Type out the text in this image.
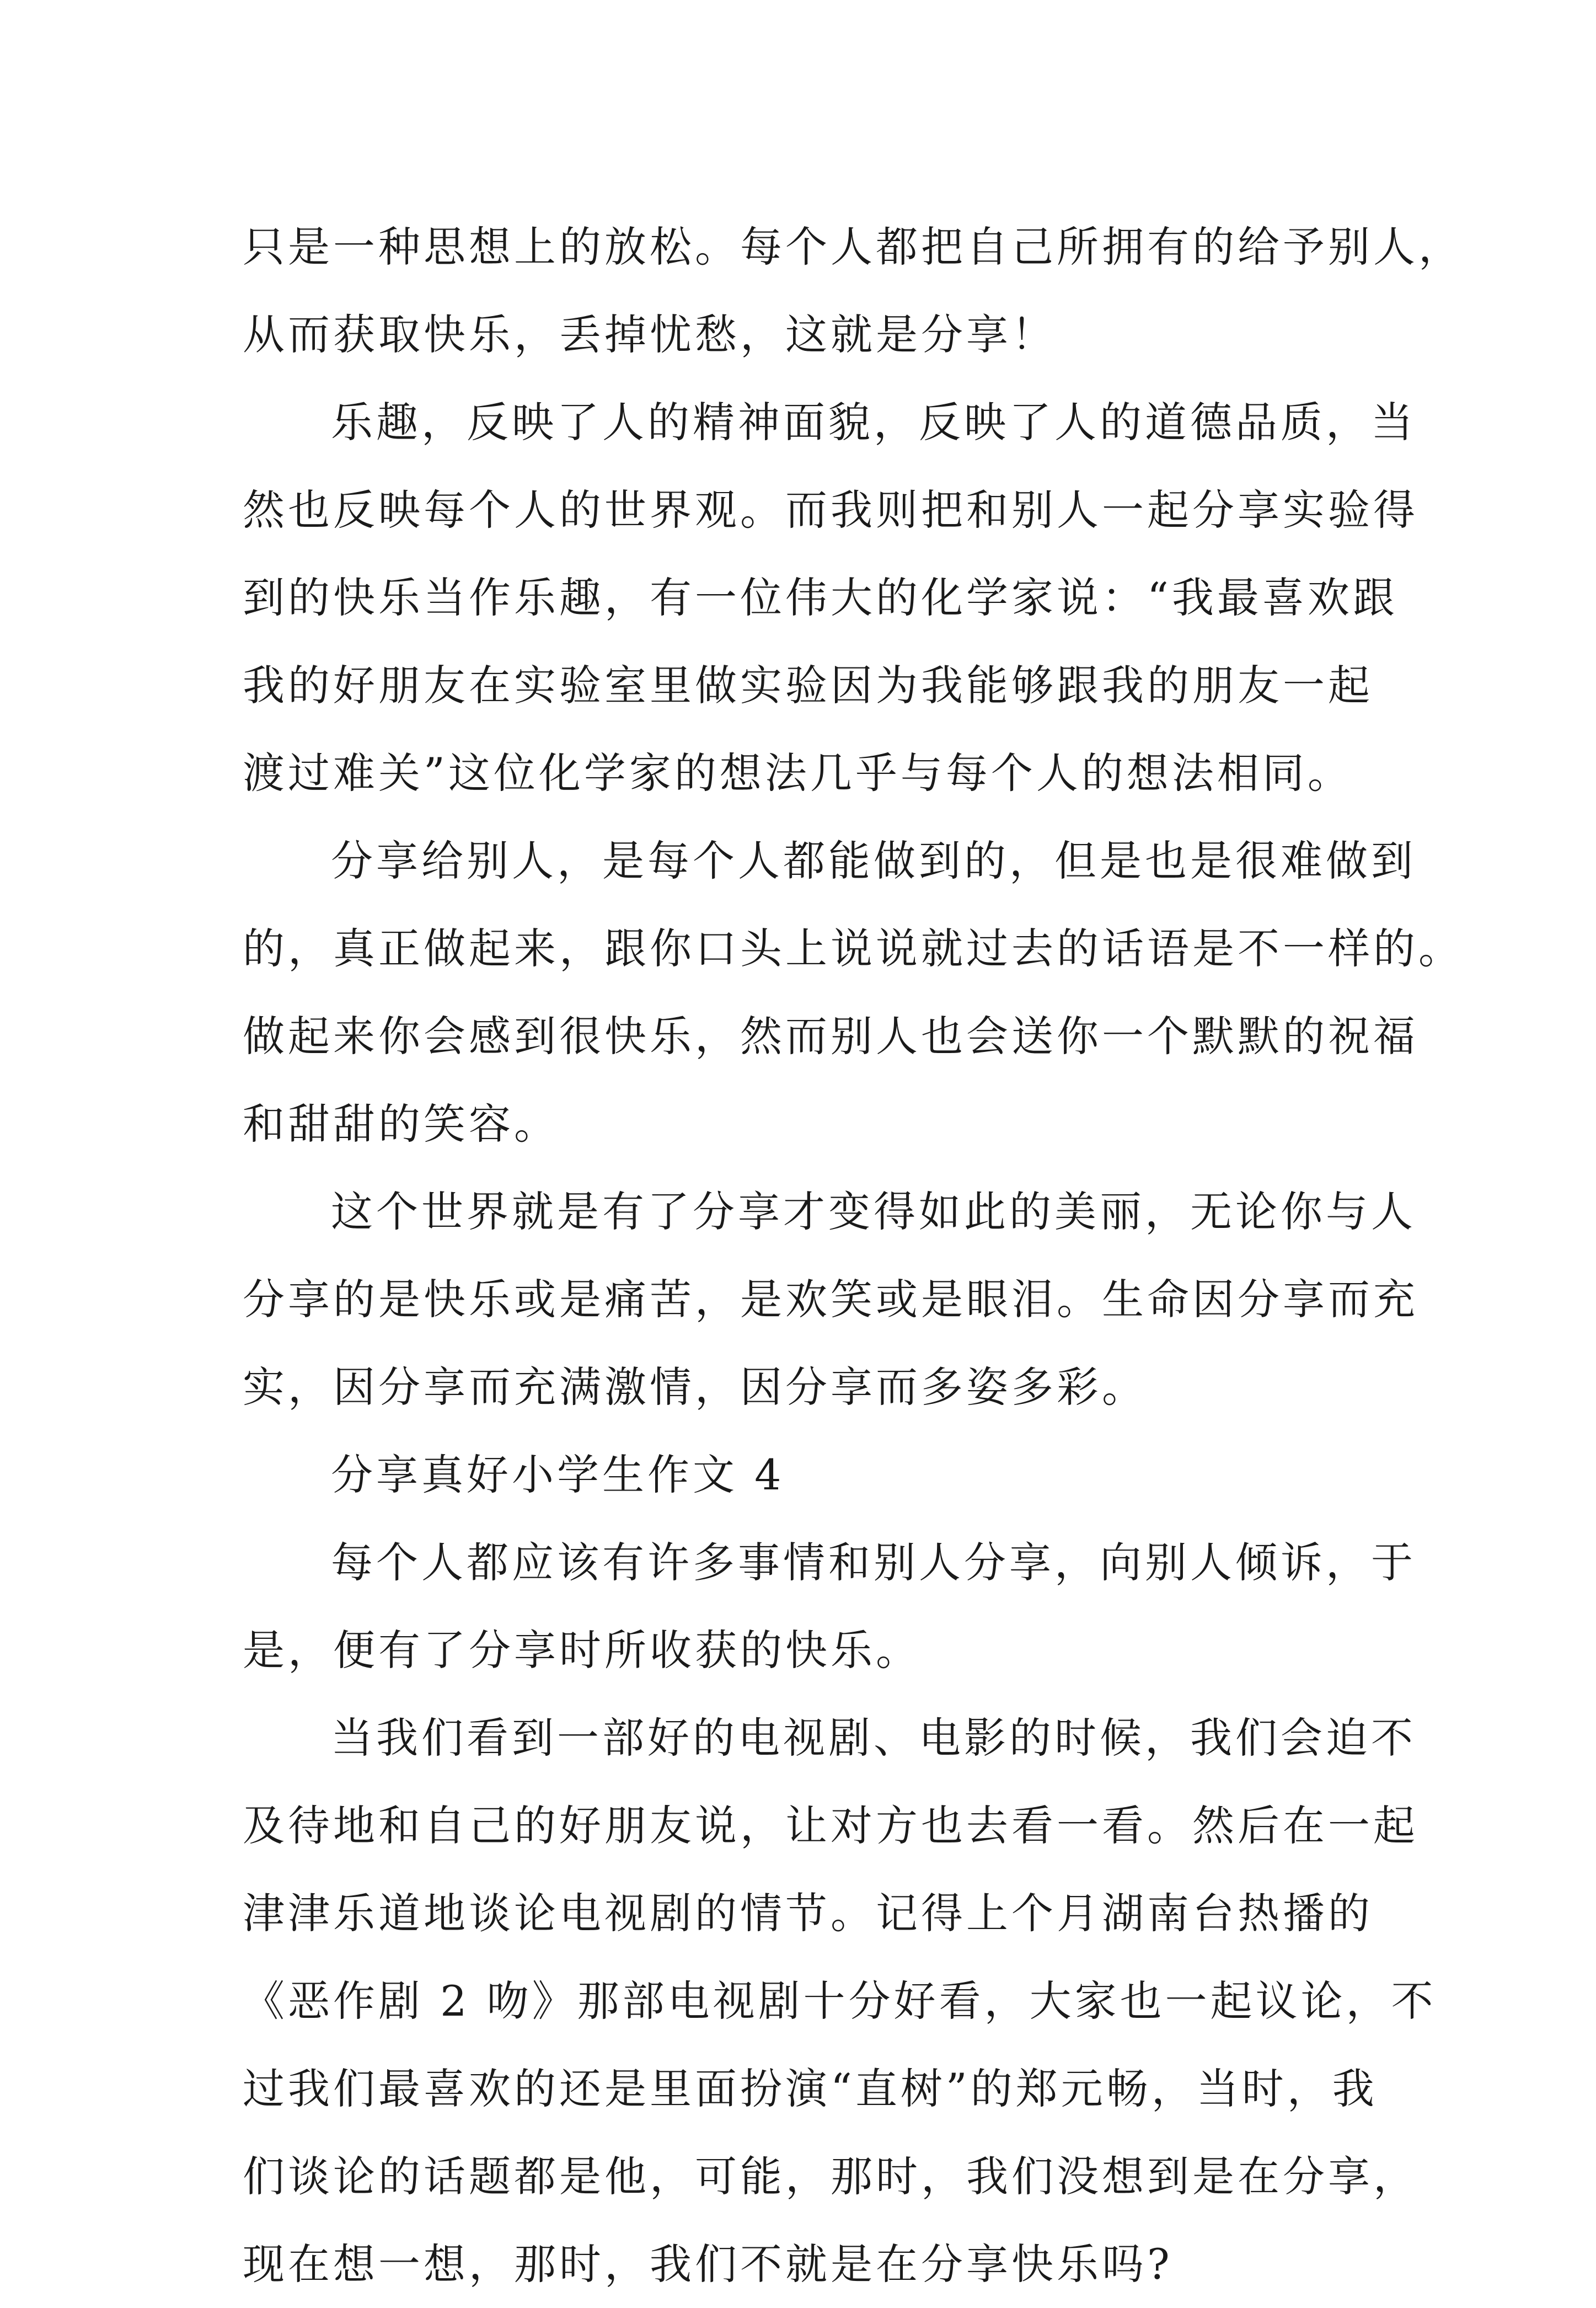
只是一种思想上的放松。每个人都把自己所拥有的给予别人，
从而获取快乐，丢掉忧愁，这就是分享！
乐趣，反映了人的精神面貌，反映了人的道德品质，当
然也反映每个人的世界观。而我则把和别人一起分享实验得
到的快乐当作乐趣，有一位伟大的化学家说：“我最喜欢跟
我的好朋友在实验室里做实验因为我能够跟我的朋友一起
渡过难关”这位化学家的想法几乎与每个人的想法相同。
分享给别人，是每个人都能做到的，但是也是很难做到
的，真正做起来，跟你口头上说说就过去的话语是不一样的。
做起来你会感到很快乐，然而别人也会送你一个默默的祝福
和甜甜的笑容。
这个世界就是有了分享才变得如此的美丽，无论你与人
分享的是快乐或是痛苦，是欢笑或是眼泪。生命因分享而充
实，因分享而充满激情，因分享而多姿多彩。
分享真好小学生作文 4
每个人都应该有许多事情和别人分享，向别人倾诉，于
是，便有了分享时所收获的快乐。
当我们看到一部好的电视剧、电影的时候，我们会迫不
及待地和自己的好朋友说，让对方也去看一看。然后在一起
津津乐道地谈论电视剧的情节。记得上个月湖南台热播的
《恶作剧 2 吻》那部电视剧十分好看，大家也一起议论，不
过我们最喜欢的还是里面扮演“直树”的郑元畅，当时，我
们谈论的话题都是他，可能，那时，我们没想到是在分享，
现在想一想，那时，我们不就是在分享快乐吗?
